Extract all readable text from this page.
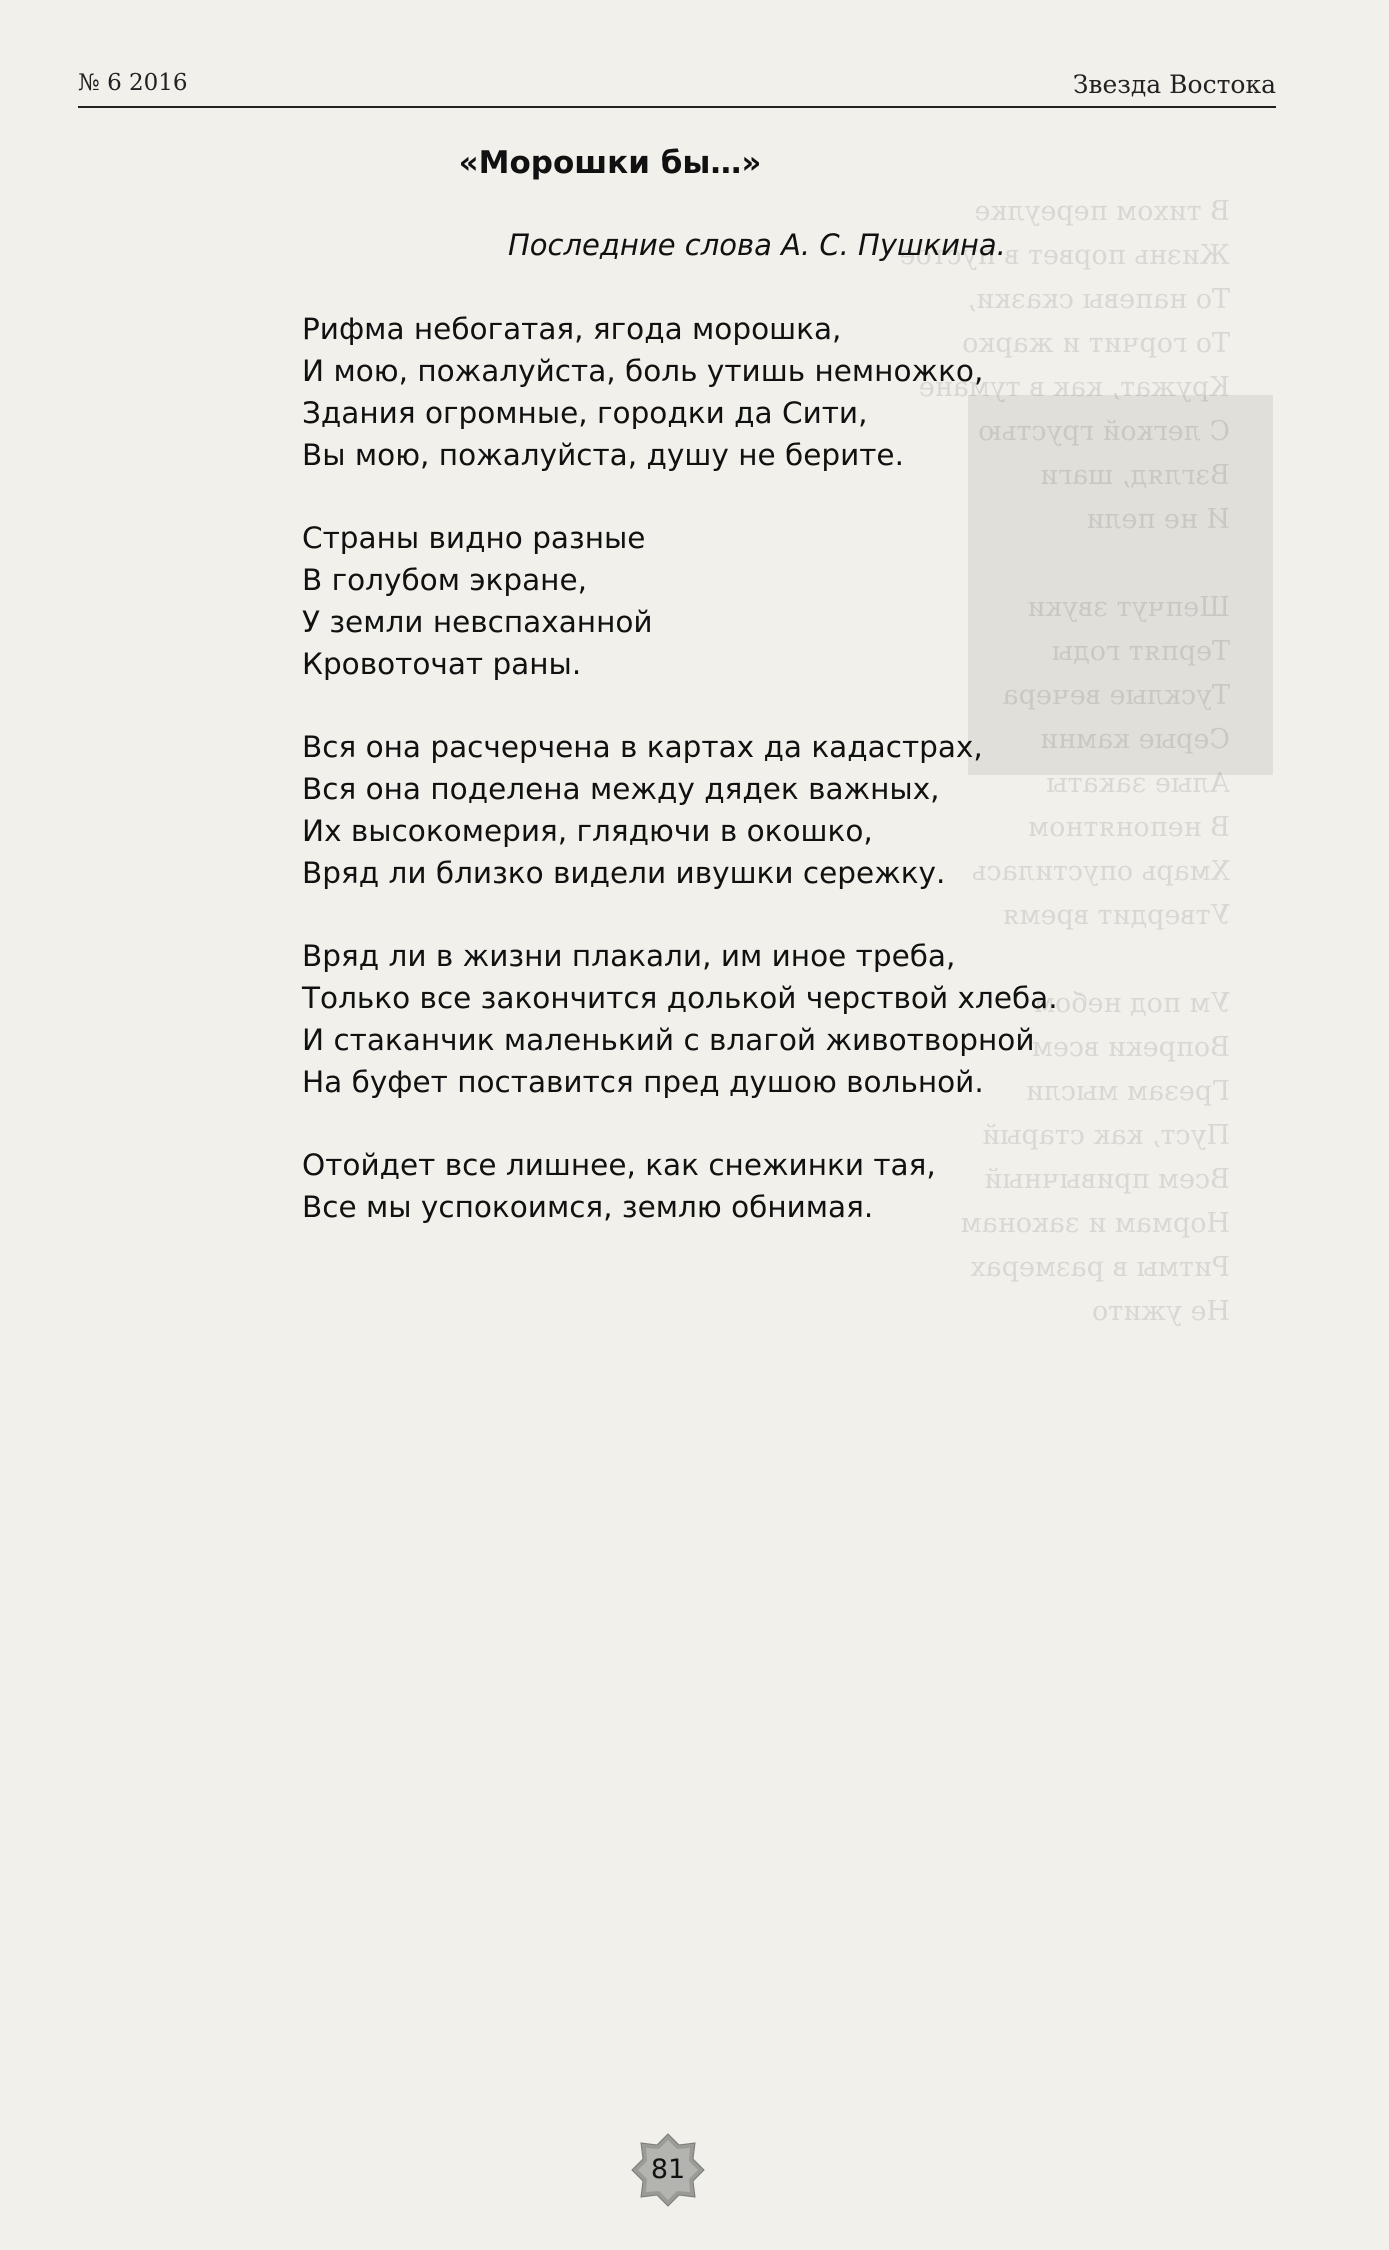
В тихом переулке
Жизнь порвет в пустое
То напевы сказки,
То горчит и жарко
Кружат, как в тумане
С легкой грустью
Взгляд, шаги
И не пели

Шепчут звуки
Терпят годы
Тусклые вечера
Серые камни
Алые закаты
В непонятном
Хмарь опустилась
Утвердит время

Ум под небом
Вопреки всем
Грезам мысли
Пуст, как старый
Всем привычный
Нормам и законам
Ритмы в размерах
Не ужито
№ 6 2016	Звезда Востока
«Морошки бы…»
Последние слова А. С. Пушкина.
Рифма небогатая, ягода морошка,
И мою, пожалуйста, боль утишь немножко,
Здания огромные, городки да Сити,
Вы мою, пожалуйста, душу не берите.
Страны видно разные
В голубом экране,
У земли невспаханной
Кровоточат раны.
Вся она расчерчена в картах да кадастрах,
Вся она поделена между дядек важных,
Их высокомерия, глядючи в окошко,
Вряд ли близко видели ивушки сережку.
Вряд ли в жизни плакали, им иное треба,
Только все закончится долькой черствой хлеба.
И стаканчик маленький с влагой животворной
На буфет поставится пред душою вольной.
Отойдет все лишнее, как снежинки тая,
Все мы успокоимся, землю обнимая.
81
